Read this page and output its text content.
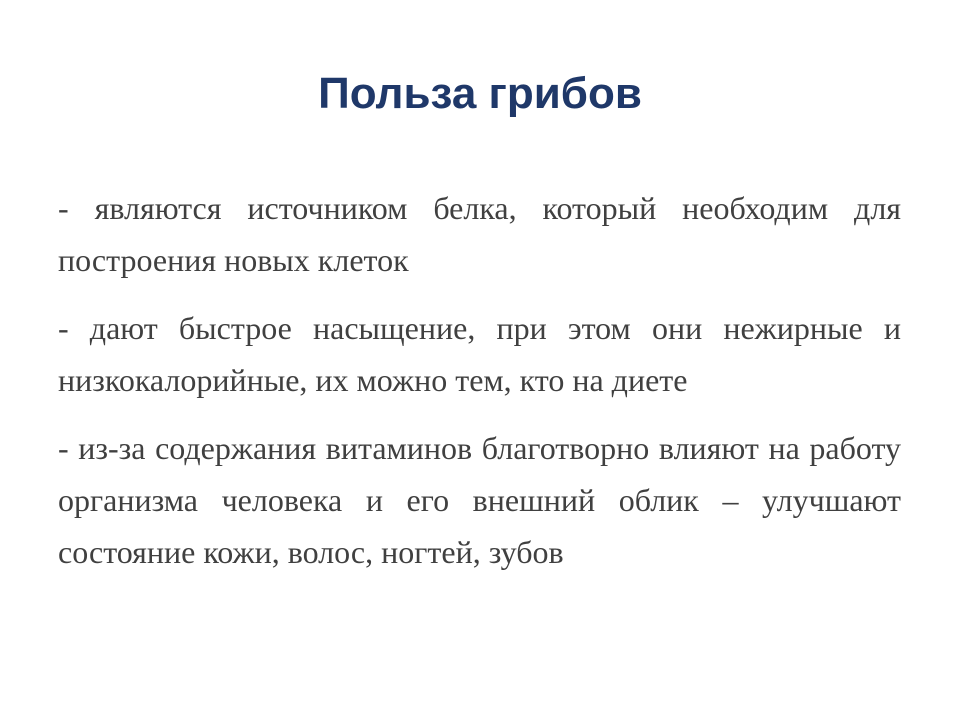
Польза грибов

- являются источником белка, который необходим для построения новых клеток

- дают быстрое насыщение, при этом они нежирные и низкокалорийные, их можно тем, кто на диете

- из-за содержания витаминов благотворно влияют на работу организма человека и его внешний облик – улучшают состояние кожи, волос, ногтей, зубов
